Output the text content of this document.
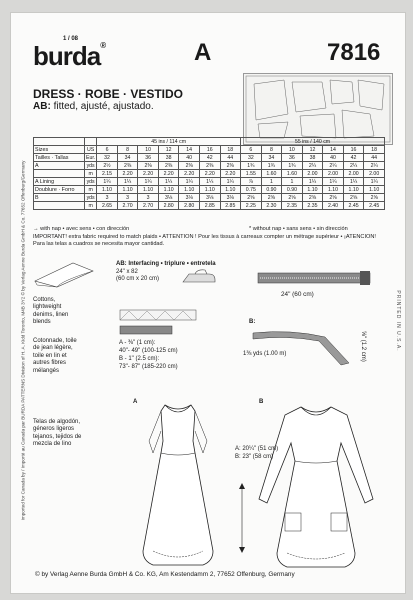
Imported for Canada by / Importé au Canada par BURDA PATTERNS Division of H. A. Kidd Toronto, M4B 3Y2 © by Verlag Aenne Burda GmbH & Co. 77652 Offenburg/Germany	PRINTED IN U.S.A.
1 / 08
burda®	A	7816
DRESS · ROBE · VESTIDO
AB: fitted, ajusté, ajustado.
		45 ins / 114 cm							55 ins / 140 cm						
Sizes	US	6	8	10	12	14	16	18	6	8	10	12	14	16	18
Tailles · Tallas	Eur.	32	34	36	38	40	42	44	32	34	36	38	40	42	44
A	yds	2½	2⅜	2⅜	2⅜	2⅜	2⅜	2⅜	1¾	1¾	1¾	2¼	2¼	2¼	2¼
	m	2.15	2.20	2.20	2.20	2.20	2.20	2.20	1.55	1.60	1.60	2.00	2.00	2.00	2.00
A Lining	yds	1¼	1¼	1¼	1¼	1¼	1¼	1¼	⅞	1	1	1¼	1¼	1¼	1¼
Doublure · Forro	m	1.10	1.10	1.10	1.10	1.10	1.10	1.10	0.75	0.90	0.90	1.10	1.10	1.10	1.10
B	yds	3	3	3	3⅛	3⅛	3⅛	3⅛	2⅝	2⅝	2⅝	2⅝	2⅝	2⅝	2⅝
	m	2.65	2.70	2.70	2.80	2.80	2.85	2.85	2.25	2.30	2.35	2.35	2.40	2.45	2.45
→ with nap • avec sens • con dirección	* without nap • sans sens • sin dirección
IMPORTANT! extra fabric required to match plaids • ATTENTION ! Pour les tissus à carreaux compter un métrage supérieur • ¡ATENCION! Para las telas a cuadros se necesita mayor cantidad.
Cottons,
lightweight
denims, linen
blends
Cotonnade, toile
de jean légère,
toile en lin et
autres fibres
mélangés
Telas de algodón,
géneros ligeros
tejanos, tejidos de
mezcla de lino
AB: Interfacing • triplure • entretela
24" x 82
(60 cm x 20 cm)
24" (60 cm)
A - ⅜" (1 cm):
40"- 49" (100-125 cm)
B - 1" (2.5 cm):
73"- 87" (185-220 cm)
B:
1⅜ yds (1.00 m)	⅝" (1.2 cm)
A	B
A: 20¼" (51 cm)
B: 23" (58 cm)
© by Verlag Aenne Burda GmbH & Co. KG, Am Kestendamm 2, 77652 Offenburg, Germany
